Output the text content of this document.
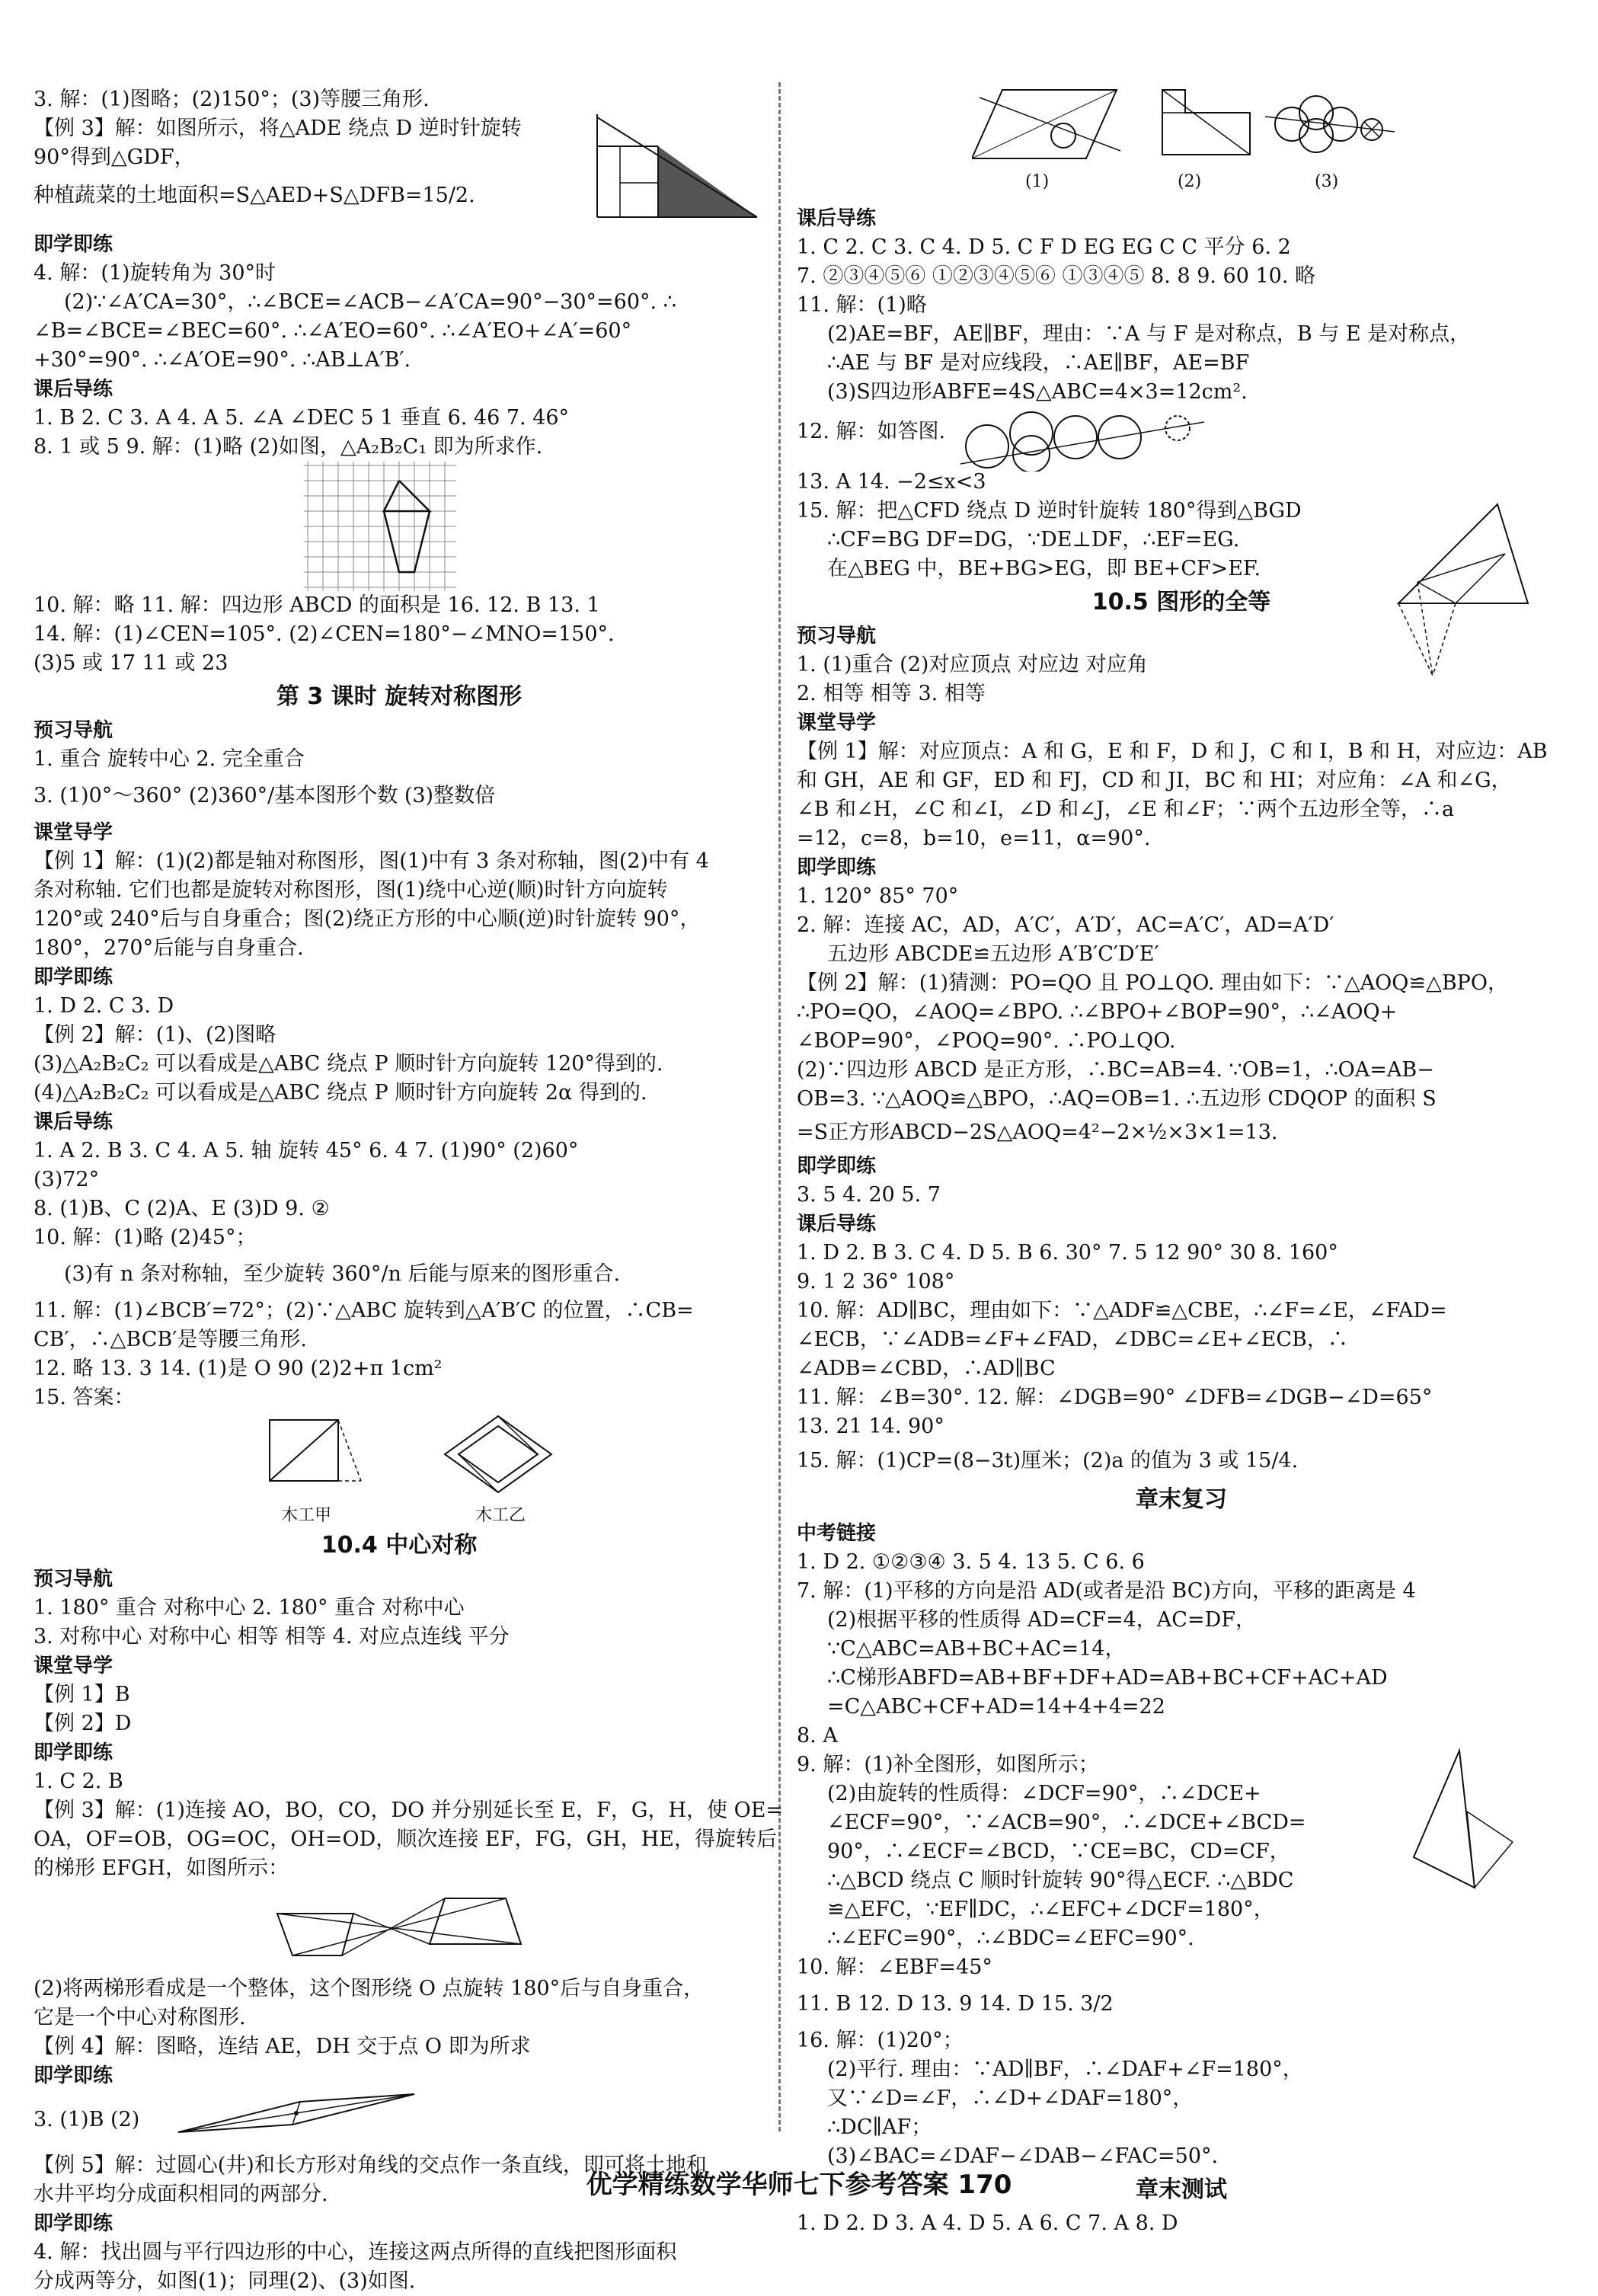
3. 解：(1)图略；(2)150°；(3)等腰三角形.
【例 3】解：如图所示，将△ADE 绕点 D 逆时针旋转
90°得到△GDF，
种植蔬菜的土地面积=S△AED+S△DFB=15/2.
即学即练
4. 解：(1)旋转角为 30°时
(2)∵∠A′CA=30°，∴∠BCE=∠ACB−∠A′CA=90°−30°=60°. ∴
∠B=∠BCE=∠BEC=60°. ∴∠A′EO=60°. ∴∠A′EO+∠A′=60°
+30°=90°. ∴∠A′OE=90°. ∴AB⊥A′B′.
课后导练
1. B 2. C 3. A 4. A 5. ∠A ∠DEC 5 1 垂直 6. 46 7. 46°
8. 1 或 5 9. 解：(1)略 (2)如图，△A₂B₂C₁ 即为所求作.
10. 解：略 11. 解：四边形 ABCD 的面积是 16. 12. B 13. 1
14. 解：(1)∠CEN=105°. (2)∠CEN=180°−∠MNO=150°.
(3)5 或 17 11 或 23
第 3 课时 旋转对称图形
预习导航
1. 重合 旋转中心 2. 完全重合
3. (1)0°～360° (2)360°/基本图形个数 (3)整数倍
课堂导学
【例 1】解：(1)(2)都是轴对称图形，图(1)中有 3 条对称轴，图(2)中有 4
条对称轴. 它们也都是旋转对称图形，图(1)绕中心逆(顺)时针方向旋转
120°或 240°后与自身重合；图(2)绕正方形的中心顺(逆)时针旋转 90°，
180°，270°后能与自身重合.
即学即练
1. D 2. C 3. D
【例 2】解：(1)、(2)图略
(3)△A₂B₂C₂ 可以看成是△ABC 绕点 P 顺时针方向旋转 120°得到的.
(4)△A₂B₂C₂ 可以看成是△ABC 绕点 P 顺时针方向旋转 2α 得到的.
课后导练
1. A 2. B 3. C 4. A 5. 轴 旋转 45° 6. 4 7. (1)90° (2)60°
(3)72°
8. (1)B、C (2)A、E (3)D 9. ②
10. 解：(1)略 (2)45°；
(3)有 n 条对称轴，至少旋转 360°/n 后能与原来的图形重合.
11. 解：(1)∠BCB′=72°；(2)∵△ABC 旋转到△A′B′C 的位置，∴CB=
CB′，∴△BCB′是等腰三角形.
12. 略 13. 3 14. (1)是 O 90 (2)2+π 1cm²
15. 答案：
木工甲	木工乙
10.4 中心对称
预习导航
1. 180° 重合 对称中心 2. 180° 重合 对称中心
3. 对称中心 对称中心 相等 相等 4. 对应点连线 平分
课堂导学
【例 1】B
【例 2】D
即学即练
1. C 2. B
【例 3】解：(1)连接 AO，BO，CO，DO 并分别延长至 E，F，G，H，使 OE=
OA，OF=OB，OG=OC，OH=OD，顺次连接 EF，FG，GH，HE，得旋转后
的梯形 EFGH，如图所示：
(2)将两梯形看成是一个整体，这个图形绕 O 点旋转 180°后与自身重合，
它是一个中心对称图形.
【例 4】解：图略，连结 AE，DH 交于点 O 即为所求
即学即练
3. (1)B (2)
【例 5】解：过圆心(井)和长方形对角线的交点作一条直线，即可将土地和
水井平均分成面积相同的两部分.
即学即练
4. 解：找出圆与平行四边形的中心，连接这两点所得的直线把图形面积
分成两等分，如图(1)；同理(2)、(3)如图.
(1)	(2)	(3)
课后导练
1. C 2. C 3. C 4. D 5. C F D EG EG C C 平分 6. 2
7. ②③④⑤⑥ ①②③④⑤⑥ ①③④⑤ 8. 8 9. 60 10. 略
11. 解：(1)略
(2)AE=BF，AE∥BF，理由：∵A 与 F 是对称点，B 与 E 是对称点，
∴AE 与 BF 是对应线段，∴AE∥BF，AE=BF
(3)S四边形ABFE=4S△ABC=4×3=12cm².
12. 解：如答图.
13. A 14. −2≤x<3
15. 解：把△CFD 绕点 D 逆时针旋转 180°得到△BGD
∴CF=BG DF=DG，∵DE⊥DF，∴EF=EG.
在△BEG 中，BE+BG>EG，即 BE+CF>EF.
10.5 图形的全等
预习导航
1. (1)重合 (2)对应顶点 对应边 对应角
2. 相等 相等 3. 相等
课堂导学
【例 1】解：对应顶点：A 和 G，E 和 F，D 和 J，C 和 I，B 和 H，对应边：AB
和 GH，AE 和 GF，ED 和 FJ，CD 和 JI，BC 和 HI；对应角：∠A 和∠G，
∠B 和∠H，∠C 和∠I，∠D 和∠J，∠E 和∠F；∵两个五边形全等，∴a
=12，c=8，b=10，e=11，α=90°.
即学即练
1. 120° 85° 70°
2. 解：连接 AC，AD，A′C′，A′D′，AC=A′C′，AD=A′D′
五边形 ABCDE≌五边形 A′B′C′D′E′
【例 2】解：(1)猜测：PO=QO 且 PO⊥QO. 理由如下：∵△AOQ≌△BPO，
∴PO=QO，∠AOQ=∠BPO. ∴∠BPO+∠BOP=90°，∴∠AOQ+
∠BOP=90°，∠POQ=90°. ∴PO⊥QO.
(2)∵四边形 ABCD 是正方形，∴BC=AB=4. ∵OB=1，∴OA=AB−
OB=3. ∵△AOQ≌△BPO，∴AQ=OB=1. ∴五边形 CDQOP 的面积 S
=S正方形ABCD−2S△AOQ=4²−2×½×3×1=13.
即学即练
3. 5 4. 20 5. 7
课后导练
1. D 2. B 3. C 4. D 5. B 6. 30° 7. 5 12 90° 30 8. 160°
9. 1 2 36° 108°
10. 解：AD∥BC，理由如下：∵△ADF≌△CBE，∴∠F=∠E，∠FAD=
∠ECB，∵∠ADB=∠F+∠FAD，∠DBC=∠E+∠ECB，∴
∠ADB=∠CBD，∴AD∥BC
11. 解：∠B=30°. 12. 解：∠DGB=90° ∠DFB=∠DGB−∠D=65°
13. 21 14. 90°
15. 解：(1)CP=(8−3t)厘米；(2)a 的值为 3 或 15/4.
章末复习
中考链接
1. D 2. ①②③④ 3. 5 4. 13 5. C 6. 6
7. 解：(1)平移的方向是沿 AD(或者是沿 BC)方向，平移的距离是 4
(2)根据平移的性质得 AD=CF=4，AC=DF，
∵C△ABC=AB+BC+AC=14，
∴C梯形ABFD=AB+BF+DF+AD=AB+BC+CF+AC+AD
=C△ABC+CF+AD=14+4+4=22
8. A
9. 解：(1)补全图形，如图所示；
(2)由旋转的性质得：∠DCF=90°，∴∠DCE+
∠ECF=90°，∵∠ACB=90°，∴∠DCE+∠BCD=
90°，∴∠ECF=∠BCD，∵CE=BC，CD=CF，
∴△BCD 绕点 C 顺时针旋转 90°得△ECF. ∴△BDC
≌△EFC，∵EF∥DC，∴∠EFC+∠DCF=180°，
∴∠EFC=90°，∴∠BDC=∠EFC=90°.
10. 解：∠EBF=45°
11. B 12. D 13. 9 14. D 15. 3/2
16. 解：(1)20°；
(2)平行. 理由：∵AD∥BF，∴∠DAF+∠F=180°，
又∵∠D=∠F，∴∠D+∠DAF=180°，
∴DC∥AF；
(3)∠BAC=∠DAF−∠DAB−∠FAC=50°.
章末测试
1. D 2. D 3. A 4. D 5. A 6. C 7. A 8. D
优学精练数学华师七下参考答案 170
